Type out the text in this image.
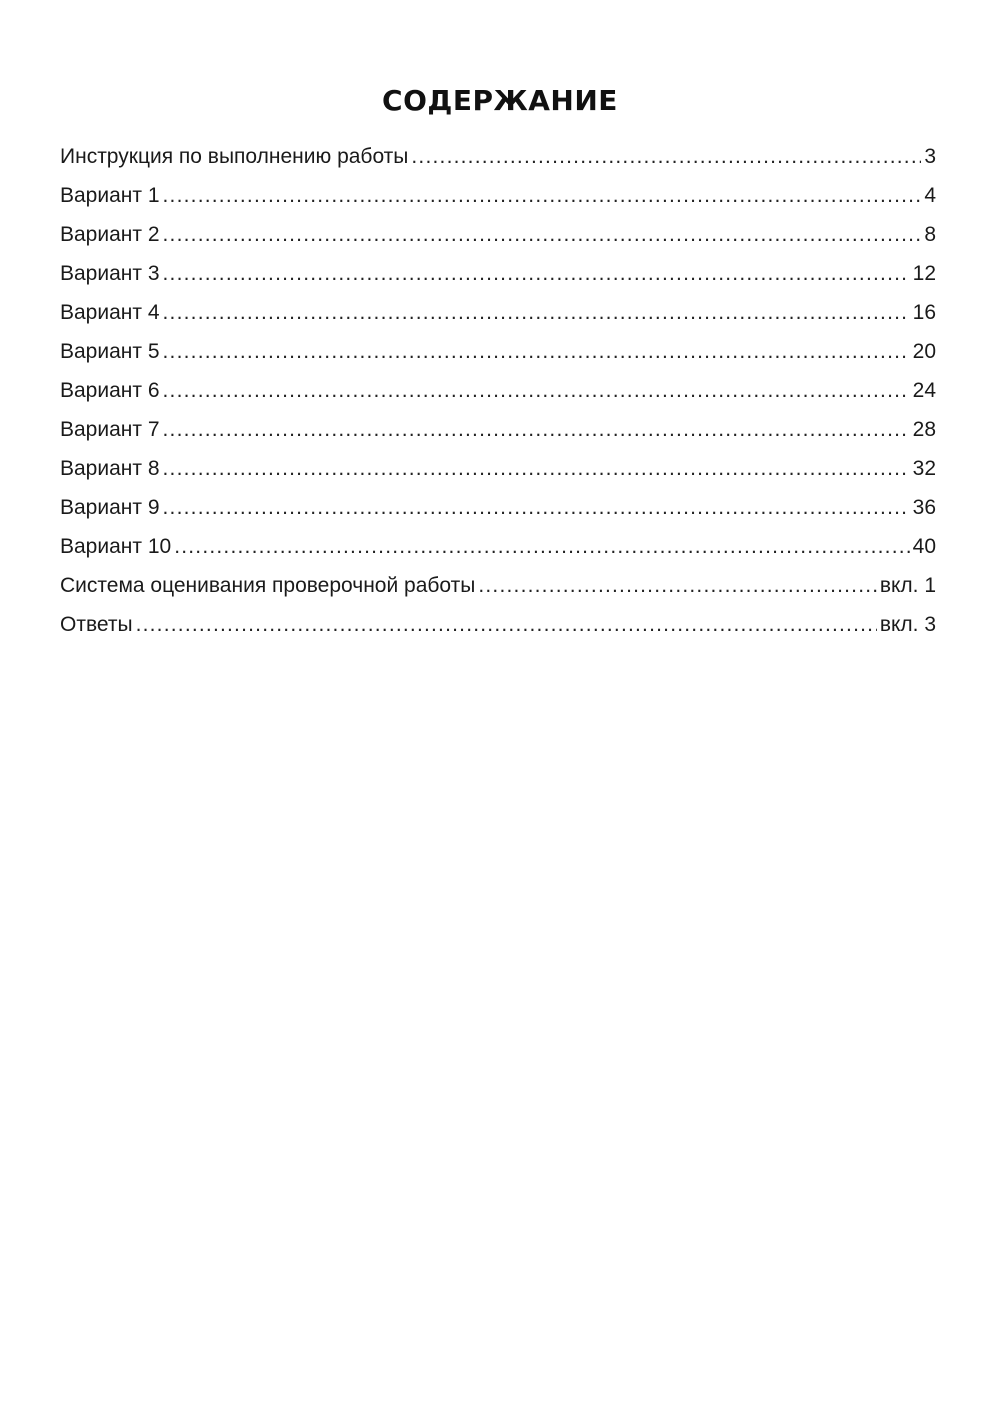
СОДЕРЖАНИЕ
Инструкция по выполнению работы .....	3
Вариант 1 .....	4
Вариант 2 .....	8
Вариант 3 .....	12
Вариант 4 .....	16
Вариант 5 .....	20
Вариант 6 .....	24
Вариант 7 .....	28
Вариант 8 .....	32
Вариант 9 .....	36
Вариант 10 .....	40
Система оценивания проверочной работы .....	вкл. 1
Ответы .....	вкл. 3
